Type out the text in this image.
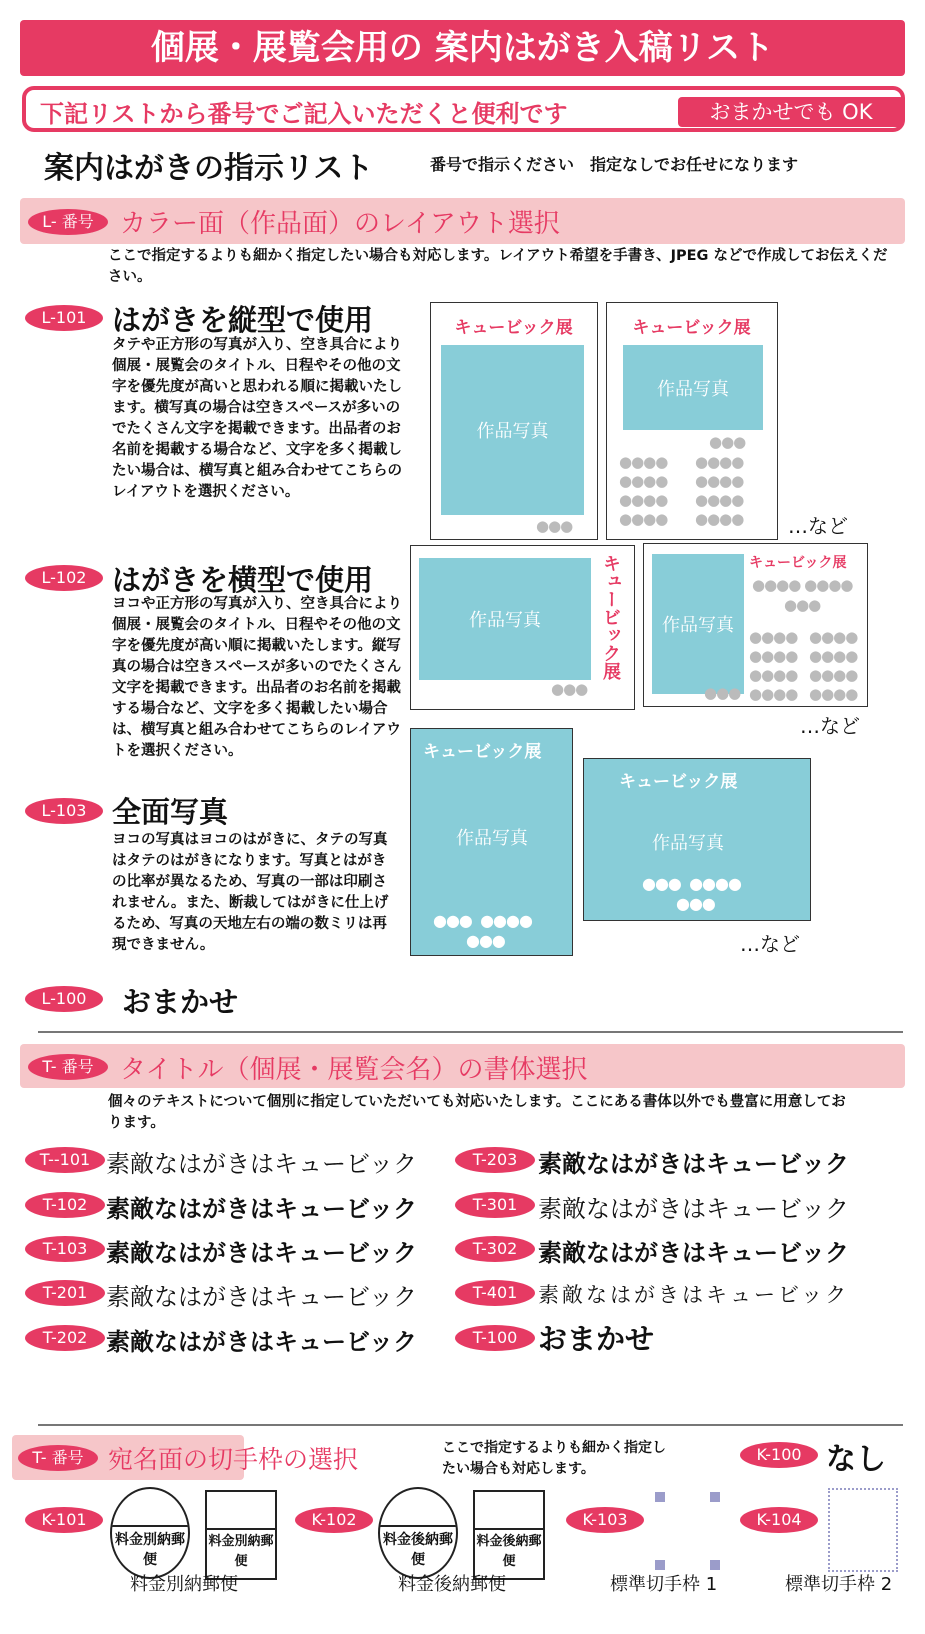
個展・展覧会用の 案内はがき入稿リスト
下記リストから番号でご記入いただくと便利です	おまかせでも OK
案内はがきの指示リスト	番号で指示ください　指定なしでお任せになります
L- 番号	カラー面（作品面）のレイアウト選択
ここで指定するよりも細かく指定したい場合も対応します。レイアウト希望を手書き、JPEG などで作成してお伝えください。
L-101 はがきを縦型で使用
タテや正方形の写真が入り、空き具合により個展・展覧会のタイトル、日程やその他の文字を優先度が高いと思われる順に掲載いたします。横写真の場合は空きスペースが多いのでたくさん文字を掲載できます。出品者のお名前を掲載する場合など、文字を多く掲載したい場合は、横写真と組み合わせてこちらのレイアウトを選択ください。
キュービック展
作品写真
●●●
キュービック展
作品写真
●●●
●●●●
●●●●
●●●●
●●●●
●●●●
●●●●
●●●●
●●●● …など
L-102 はがきを横型で使用
ヨコや正方形の写真が入り、空き具合により個展・展覧会のタイトル、日程やその他の文字を優先度が高い順に掲載いたします。縦写真の場合は空きスペースが多いのでたくさん文字を掲載できます。出品者のお名前を掲載する場合など、文字を多く掲載したい場合は、横写真と組み合わせてこちらのレイアウトを選択ください。
作品写真	キュービック展
●●●
作品写真
キュービック展
●●●● ●●●●
●●●
●●●●
●●●●
●●●●
●●●●
●●●●
●●●●
●●●●
●●●●
●●●
…など
L-103 全面写真
ヨコの写真はヨコのはがきに、タテの写真はタテのはがきになります。写真とはがきの比率が異なるため、写真の一部は印刷されません。また、断裁してはがきに仕上げるため、写真の天地左右の端の数ミリは再現できません。
キュービック展
作品写真
●●● ●●●●
●●●
キュービック展
作品写真
●●● ●●●●
●●●
…など
L-100	おまかせ
T- 番号	タイトル（個展・展覧会名）の書体選択
個々のテキストについて個別に指定していただいても対応いたします。ここにある書体以外でも豊富に用意しております。
T--101 素敵なはがきはキュービック
T-102 素敵なはがきはキュービック
T-103 素敵なはがきはキュービック
T-201 素敵なはがきはキュービック
T-202 素敵なはがきはキュービック
T-203 素敵なはがきはキュービック
T-301 素敵なはがきはキュービック
T-302 素敵なはがきはキュービック
T-401 素敵なはがきはキュービック
T-100 おまかせ
T- 番号 宛名面の切手枠の選択	ここで指定するよりも細かく指定したい場合も対応します。
K-100 なし
K-101
料金別納郵便
料金別納郵便
料金別納郵便
K-102
料金後納郵便
料金後納郵便
料金後納郵便
K-103
標準切手枠 1
K-104
標準切手枠 2
